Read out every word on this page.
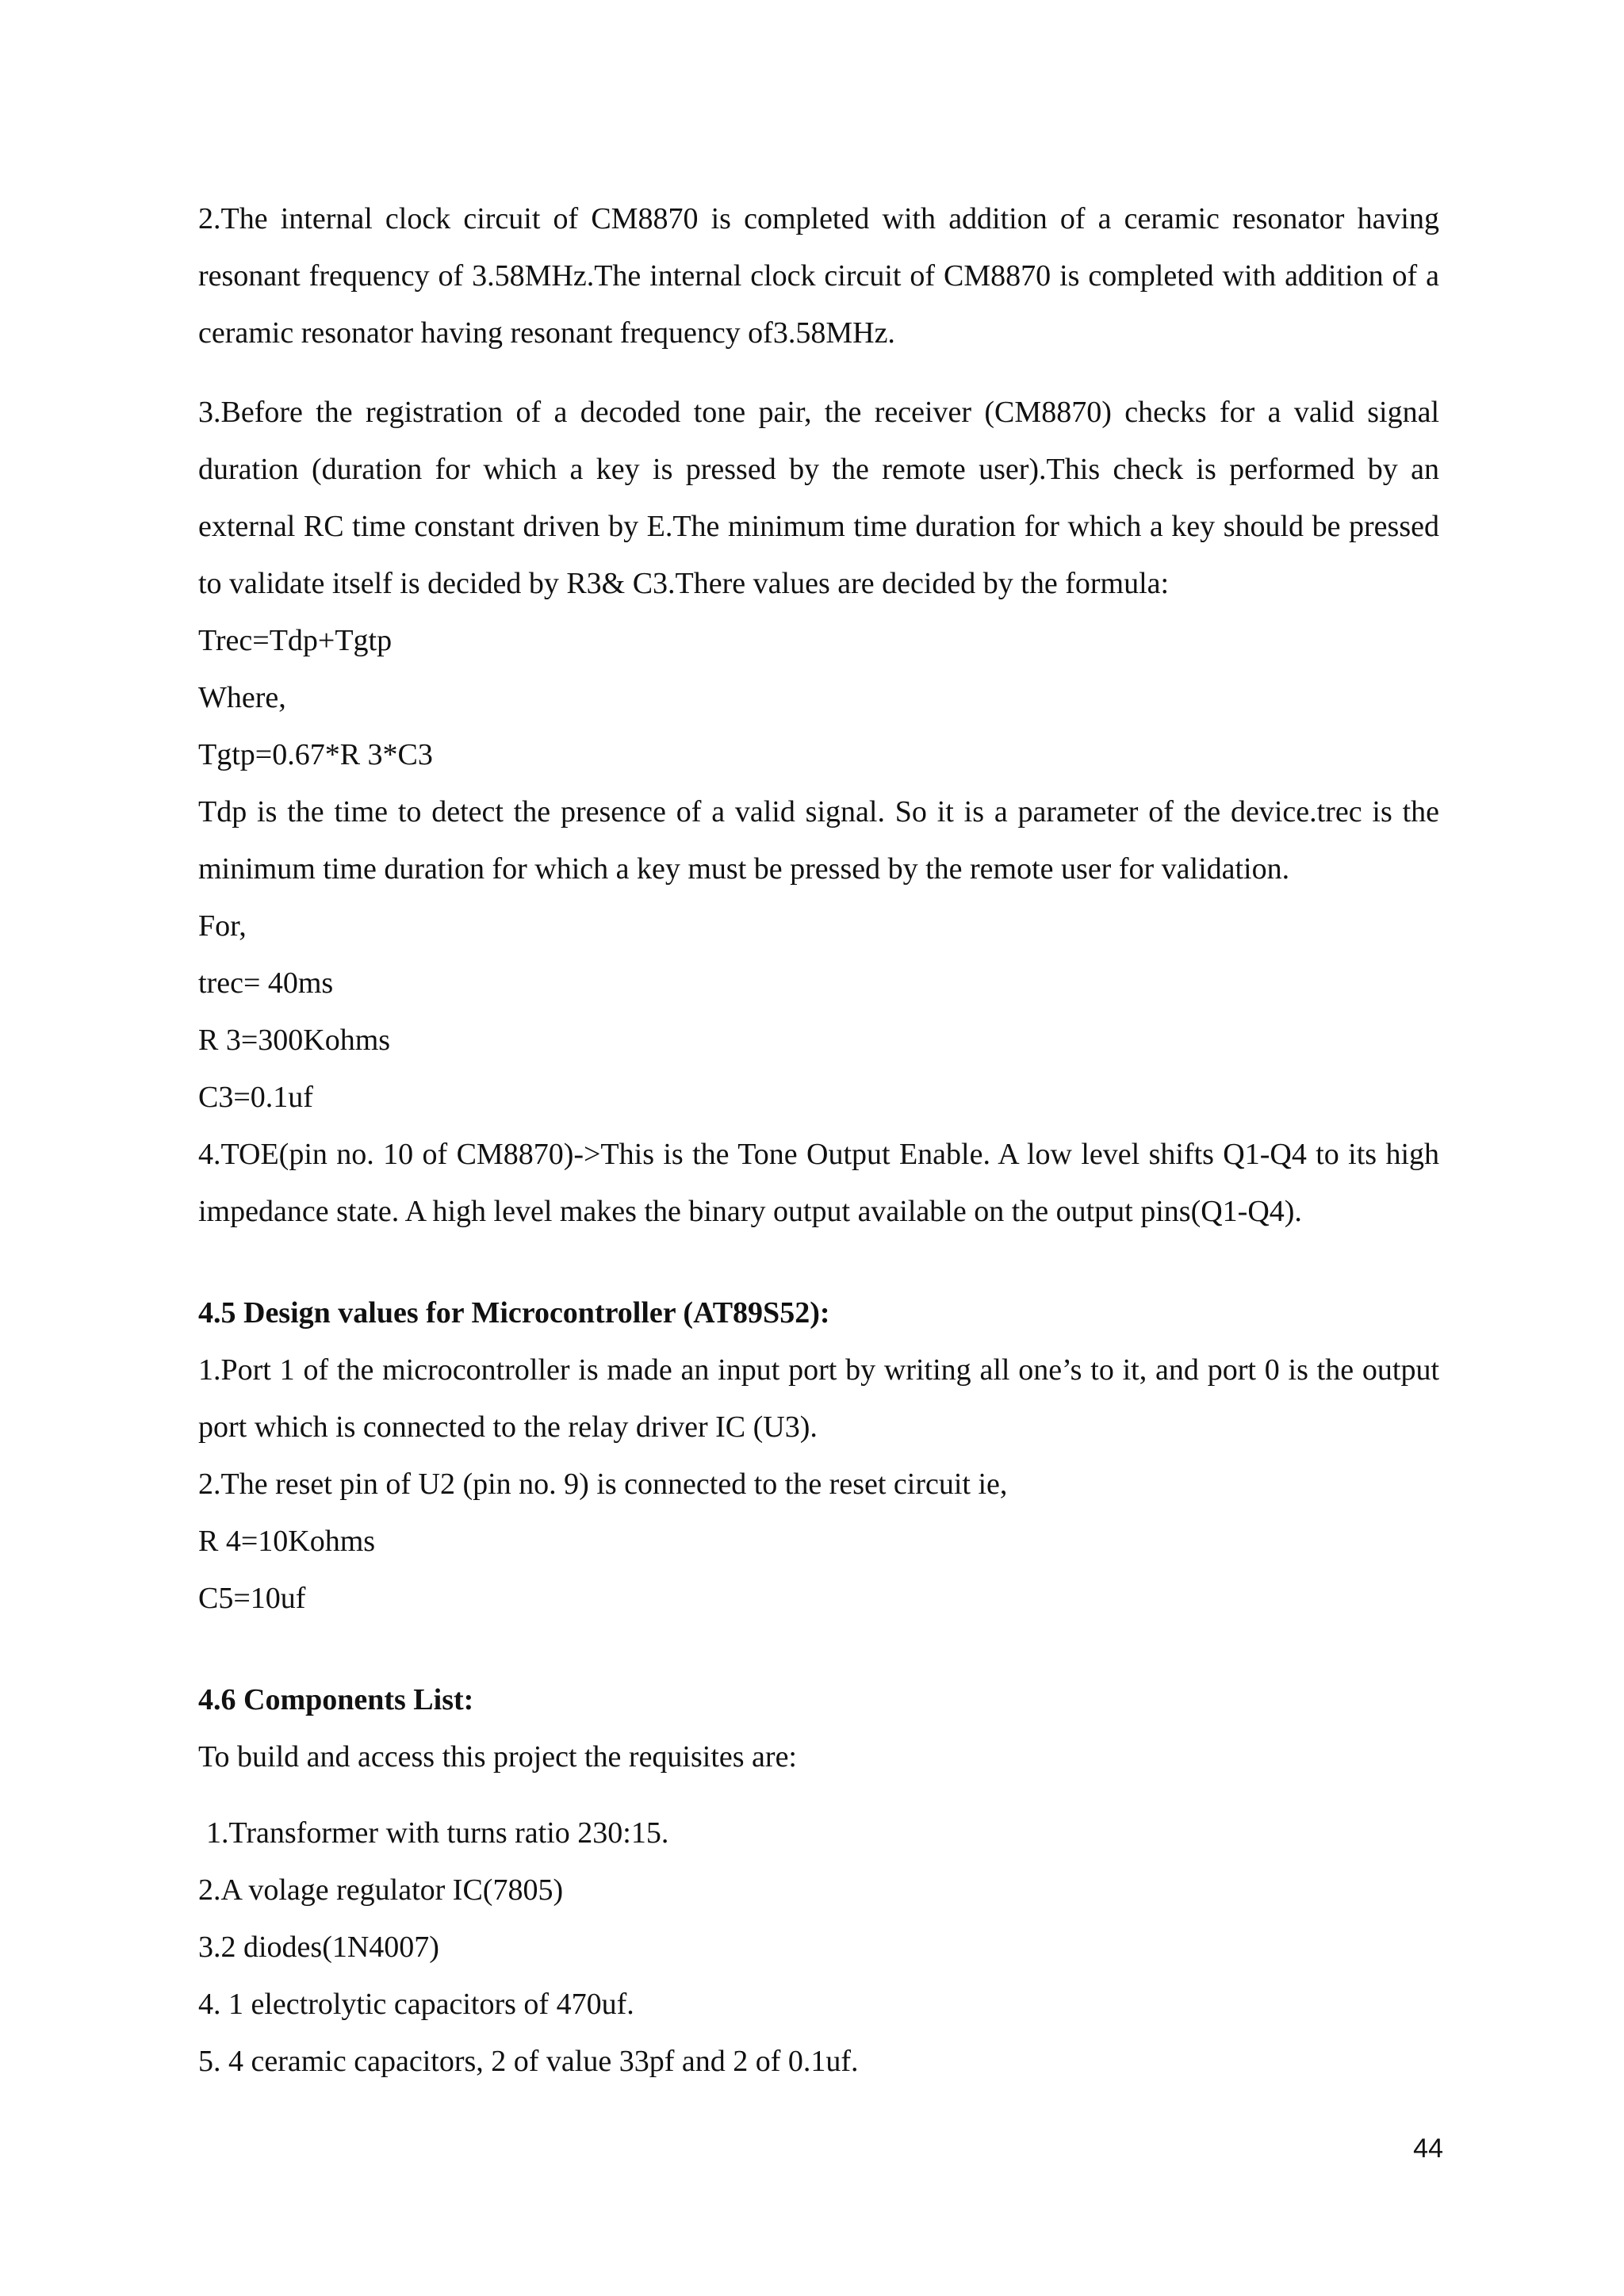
2.The internal clock circuit of CM8870 is completed with addition of a ceramic resonator having resonant frequency of 3.58MHz.The internal clock circuit of CM8870 is completed with addition of a ceramic resonator having resonant frequency of3.58MHz.

3.Before the registration of a decoded tone pair, the receiver (CM8870) checks for a valid signal duration (duration for which a key is pressed by the remote user).This check is performed by an external RC time constant driven by E.The minimum time duration for which a key should be pressed to validate itself is decided by R3& C3.There values are decided by the formula:

Trec=Tdp+Tgtp

Where,

Tgtp=0.67*R 3*C3

Tdp is the time to detect the presence of a valid signal. So it is a parameter of the device.trec is the minimum time duration for which a key must be pressed by the remote user for validation.

For,

trec= 40ms

R 3=300Kohms

C3=0.1uf

4.TOE(pin no. 10 of CM8870)->This is the Tone Output Enable. A low level shifts Q1-Q4 to its high impedance state. A high level makes the binary output available on the output pins(Q1-Q4).

4.5 Design values for Microcontroller (AT89S52):

1.Port 1 of the microcontroller is made an input port by writing all one’s to it, and port 0 is the output port which is connected to the relay driver IC (U3).

2.The reset pin of U2 (pin no. 9) is connected to the reset circuit ie,

R 4=10Kohms

C5=10uf

4.6 Components List:

To build and access this project the requisites are:

1.Transformer with turns ratio 230:15.

2.A volage regulator IC(7805)

3.2 diodes(1N4007)

4. 1 electrolytic capacitors of 470uf.

5. 4 ceramic capacitors, 2 of value 33pf and 2 of 0.1uf.

44
